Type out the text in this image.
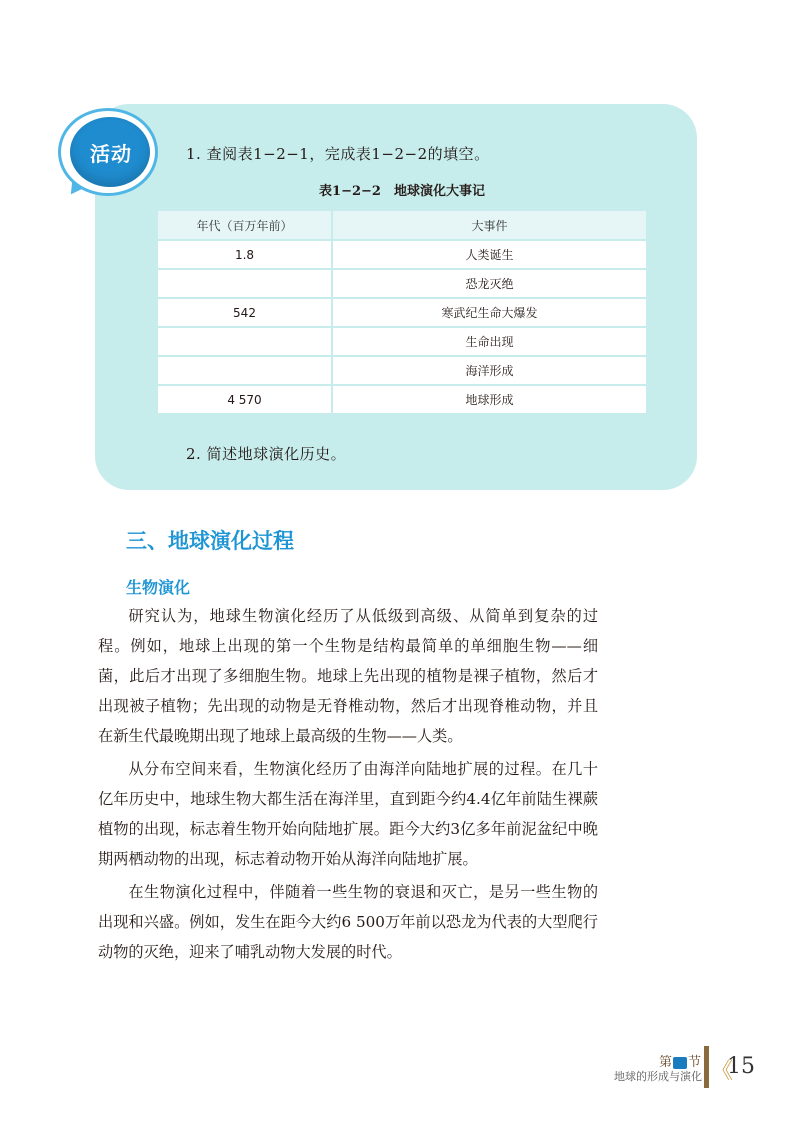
活动	1. 查阅表1−2−1，完成表1−2−2的填空。
表1−2−2　地球演化大事记
年代（百万年前）	大事件
1.8	人类诞生
	恐龙灭绝
542	寒武纪生命大爆发
	生命出现
	海洋形成
4 570	地球形成
2. 简述地球演化历史。
三、地球演化过程
生物演化

研究认为，地球生物演化经历了从低级到高级、从简单到复杂的过程。例如，地球上出现的第一个生物是结构最简单的单细胞生物——细菌，此后才出现了多细胞生物。地球上先出现的植物是裸子植物，然后才出现被子植物；先出现的动物是无脊椎动物，然后才出现脊椎动物，并且在新生代最晚期出现了地球上最高级的生物——人类。

从分布空间来看，生物演化经历了由海洋向陆地扩展的过程。在几十亿年历史中，地球生物大都生活在海洋里，直到距今约4.4亿年前陆生裸蕨植物的出现，标志着生物开始向陆地扩展。距今大约3亿多年前泥盆纪中晚期两栖动物的出现，标志着动物开始从海洋向陆地扩展。

在生物演化过程中，伴随着一些生物的衰退和灭亡，是另一些生物的出现和兴盛。例如，发生在距今大约6 500万年前以恐龙为代表的大型爬行动物的灭绝，迎来了哺乳动物大发展的时代。

第 节
地球的形成与演化 《
15
